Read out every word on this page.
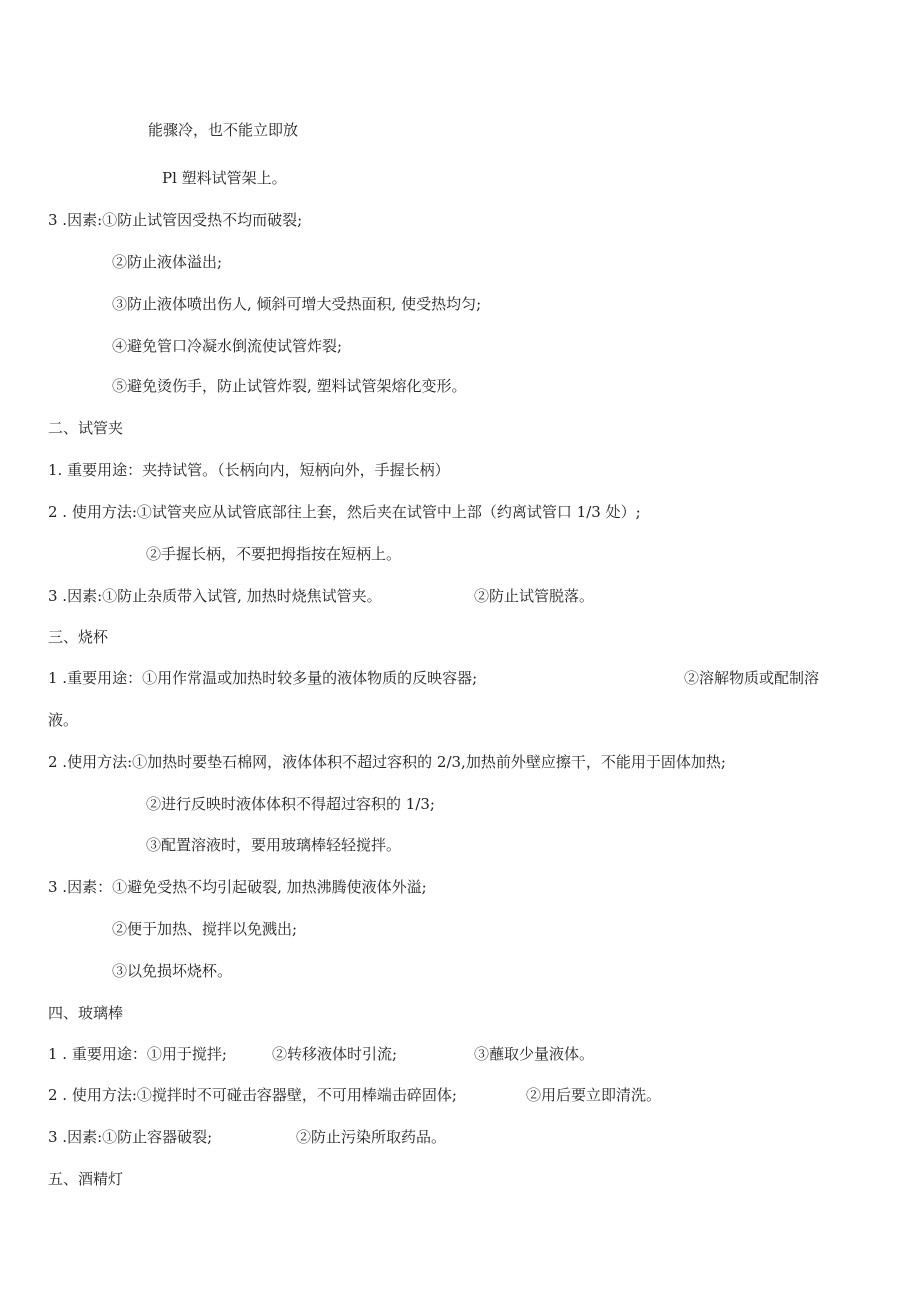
能骤冷，也不能立即放
Pl 塑料试管架上。
3 .因素:①防止试管因受热不均而破裂;
②防止液体溢出;
③防止液体喷出伤人, 倾斜可增大受热面积, 使受热均匀;
④避免管口冷凝水倒流使试管炸裂;
⑤避免烫伤手，防止试管炸裂, 塑料试管架熔化变形。
二、试管夹
1. 重要用途：夹持试管。（长柄向内，短柄向外，手握长柄）
2 . 使用方法:①试管夹应从试管底部往上套，然后夹在试管中上部（约离试管口 1/3 处）;
②手握长柄，不要把拇指按在短柄上。
3 .因素:①防止杂质带入试管, 加热时烧焦试管夹。	②防止试管脱落。
三、烧杯
1 .重要用途：①用作常温或加热时较多量的液体物质的反映容器;	②溶解物质或配制溶
液。
2 .使用方法:①加热时要垫石棉网，液体体积不超过容积的 2/3,加热前外壁应擦干，不能用于固体加热;
②进行反映时液体体积不得超过容积的 1/3;
③配置溶液时，要用玻璃棒轻轻搅拌。
3 .因素：①避免受热不均引起破裂, 加热沸腾使液体外溢;
②便于加热、搅拌以免溅出;
③以免损坏烧杯。
四、玻璃棒
1 . 重要用途：①用于搅拌;	②转移液体时引流;	③蘸取少量液体。
2 . 使用方法:①搅拌时不可碰击容器壁，不可用棒端击碎固体;	②用后要立即清洗。
3 .因素:①防止容器破裂;	②防止污染所取药品。
五、酒精灯
